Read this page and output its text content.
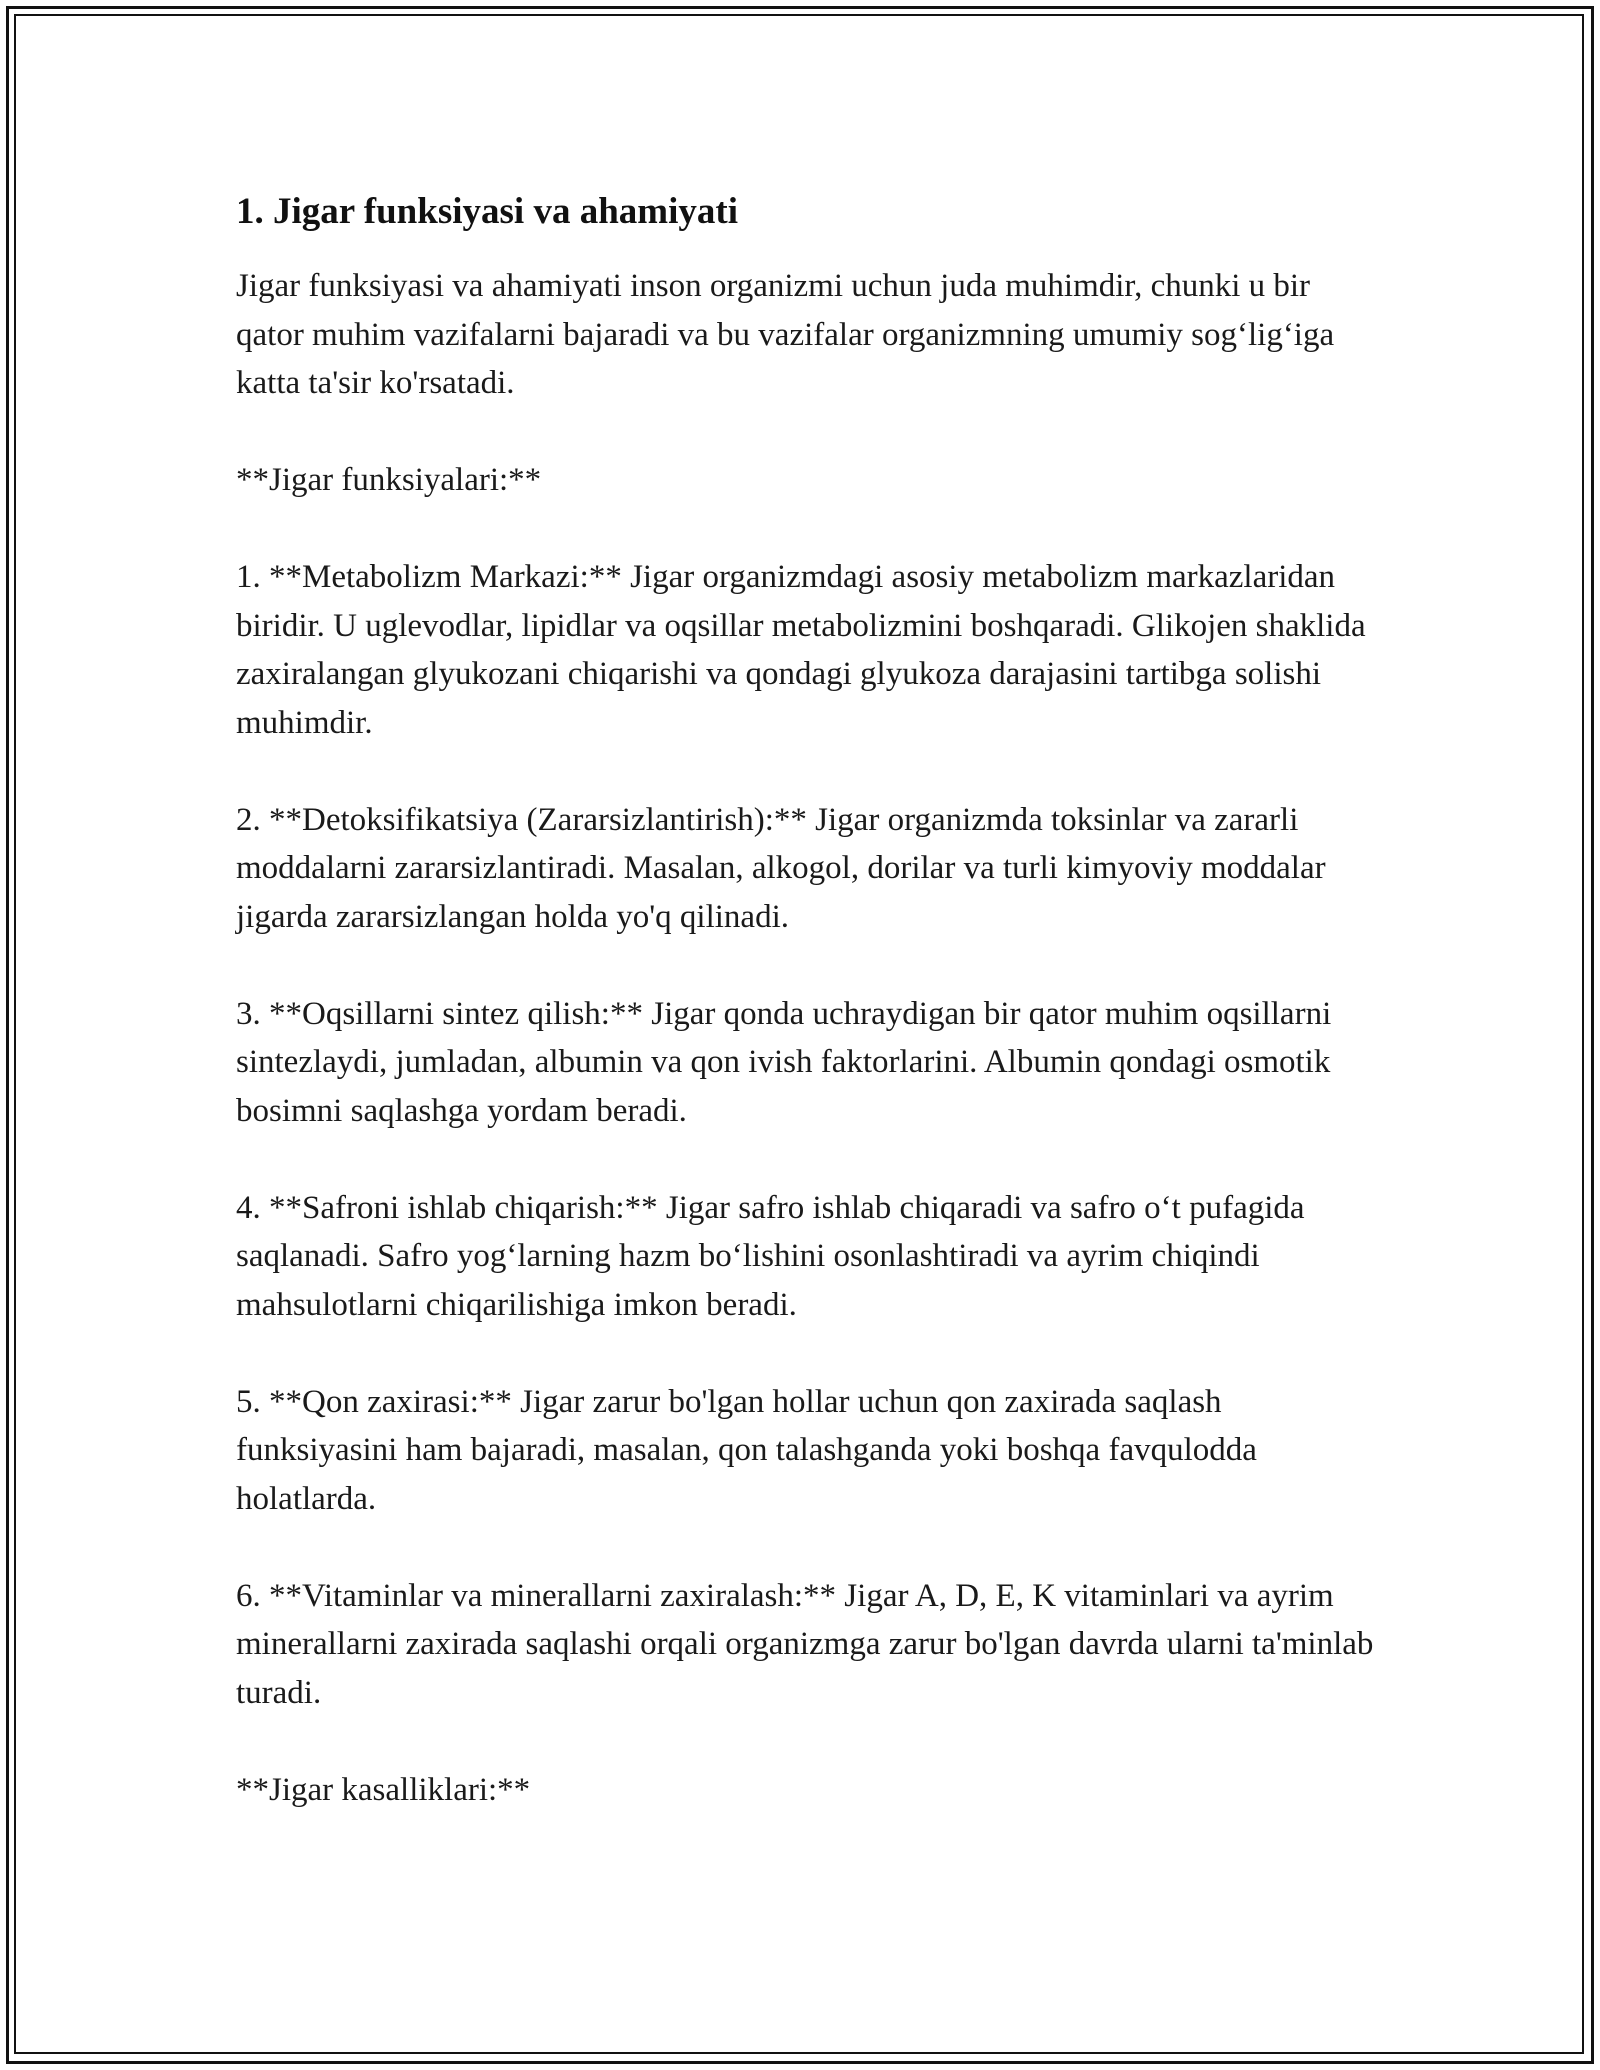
1. Jigar funksiyasi va ahamiyati

Jigar funksiyasi va ahamiyati inson organizmi uchun juda muhimdir, chunki u bir qator muhim vazifalarni bajaradi va bu vazifalar organizmning umumiy sog‘lig‘iga katta ta'sir ko'rsatadi.

**Jigar funksiyalari:**

1. **Metabolizm Markazi:** Jigar organizmdagi asosiy metabolizm markazlaridan biridir. U uglevodlar, lipidlar va oqsillar metabolizmini boshqaradi. Glikojen shaklida zaxiralangan glyukozani chiqarishi va qondagi glyukoza darajasini tartibga solishi muhimdir.

2. **Detoksifikatsiya (Zararsizlantirish):** Jigar organizmda toksinlar va zararli moddalarni zararsizlantiradi. Masalan, alkogol, dorilar va turli kimyoviy moddalar jigarda zararsizlangan holda yo'q qilinadi.

3. **Oqsillarni sintez qilish:** Jigar qonda uchraydigan bir qator muhim oqsillarni sintezlaydi, jumladan, albumin va qon ivish faktorlarini. Albumin qondagi osmotik bosimni saqlashga yordam beradi.

4. **Safroni ishlab chiqarish:** Jigar safro ishlab chiqaradi va safro o‘t pufagida saqlanadi. Safro yog‘larning hazm bo‘lishini osonlashtiradi va ayrim chiqindi mahsulotlarni chiqarilishiga imkon beradi.

5. **Qon zaxirasi:** Jigar zarur bo'lgan hollar uchun qon zaxirada saqlash funksiyasini ham bajaradi, masalan, qon talashganda yoki boshqa favqulodda holatlarda.

6. **Vitaminlar va minerallarni zaxiralash:** Jigar A, D, E, K vitaminlari va ayrim minerallarni zaxirada saqlashi orqali organizmga zarur bo'lgan davrda ularni ta'minlab turadi.

**Jigar kasalliklari:**
